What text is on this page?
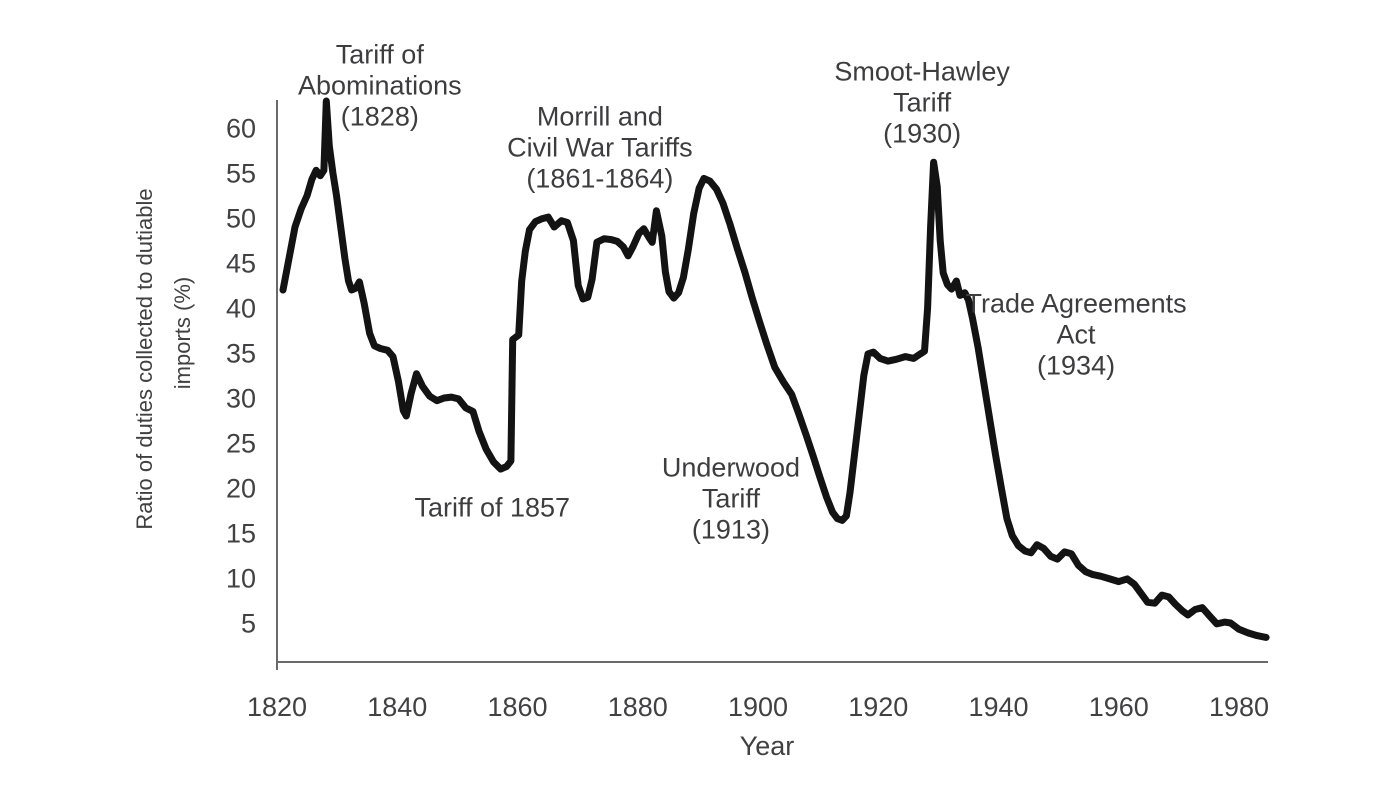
60
55
50
45
40
35
30
25
20
15
10
5
1820 1840 1860 1880 1900 1920 1940 1960 1980
Ratio of duties collected to dutiable imports (%)
Year
Tariff of Abominations (1828)	Morrill and Civil War Tariffs (1861-1864)
Smoot-Hawley Tariff (1930)
Trade Agreements Act (1934)
Underwood Tariff (1913)
Tariff of 1857
